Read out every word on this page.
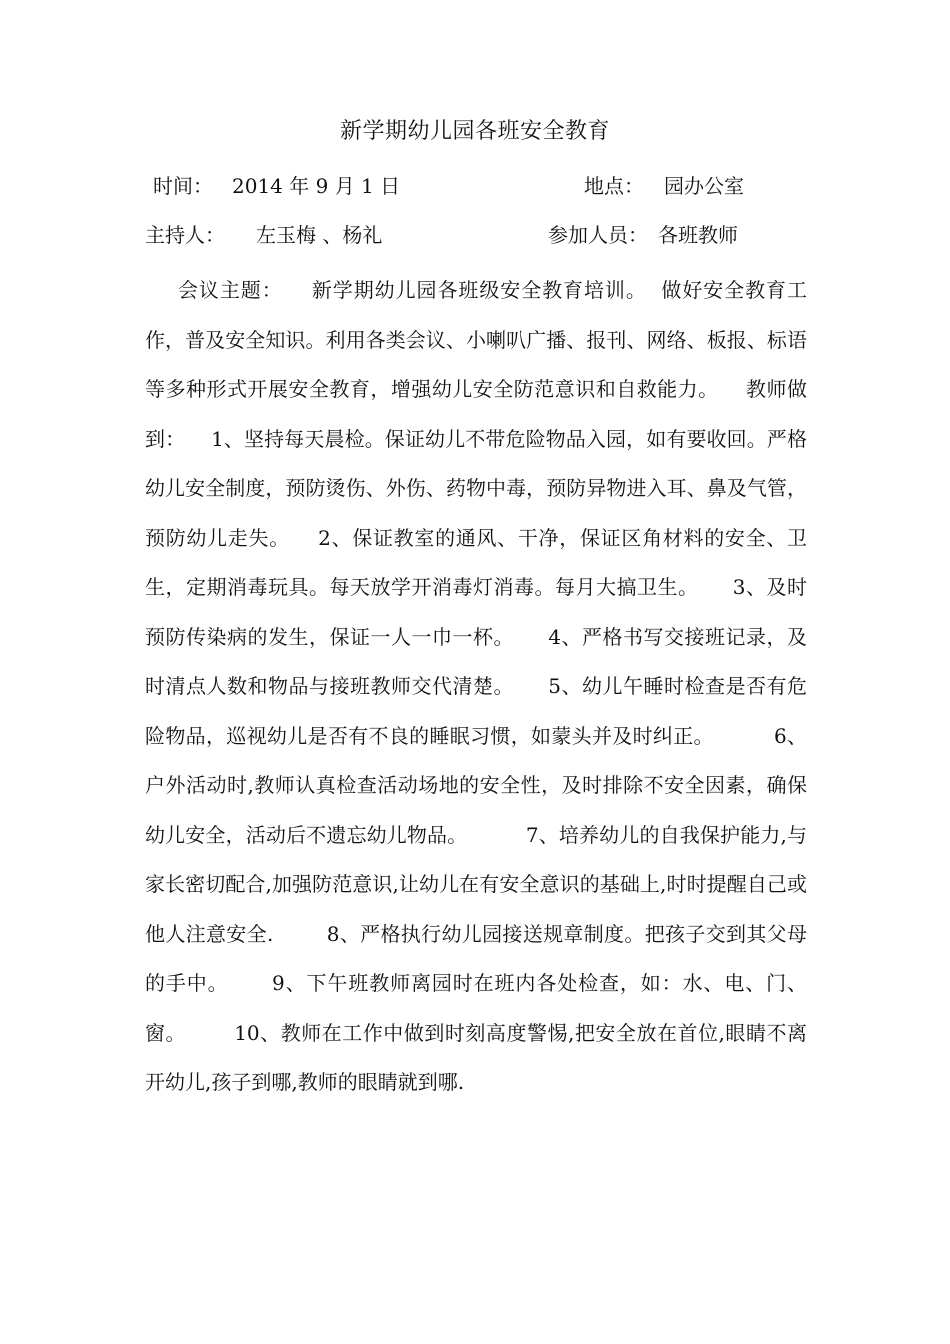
新学期幼儿园各班安全教育
时间： 2014 年 9 月 1 日	地点： 园办公室
主持人： 左玉梅 、杨礼	参加人员： 各班教师
会议主题：    新学期幼儿园各班级安全教育培训。  做好安全教育工作，普及安全知识。利用各类会议、小喇叭广播、报刊、网络、板报、标语等多种形式开展安全教育，增强幼儿安全防范意识和自救能力。    教师做到：    1、坚持每天晨检。保证幼儿不带危险物品入园，如有要收回。严格幼儿安全制度，预防烫伤、外伤、药物中毒，预防异物进入耳、鼻及气管，预防幼儿走失。    2、保证教室的通风、干净，保证区角材料的安全、卫生，定期消毒玩具。每天放学开消毒灯消毒。每月大搞卫生。     3、及时预防传染病的发生，保证一人一巾一杯。     4、严格书写交接班记录，及时清点人数和物品与接班教师交代清楚。     5、幼儿午睡时检查是否有危险物品，巡视幼儿是否有不良的睡眠习惯，如蒙头并及时纠正。         6、户外活动时,教师认真检查活动场地的安全性，及时排除不安全因素，确保幼儿安全，活动后不遗忘幼儿物品。         7、培养幼儿的自我保护能力,与家长密切配合,加强防范意识,让幼儿在有安全意识的基础上,时时提醒自己或他人注意安全.        8、严格执行幼儿园接送规章制度。把孩子交到其父母的手中。      9、下午班教师离园时在班内各处检查，如：水、电、门、窗。       10、教师在工作中做到时刻高度警惕,把安全放在首位,眼睛不离开幼儿,孩子到哪,教师的眼睛就到哪.
